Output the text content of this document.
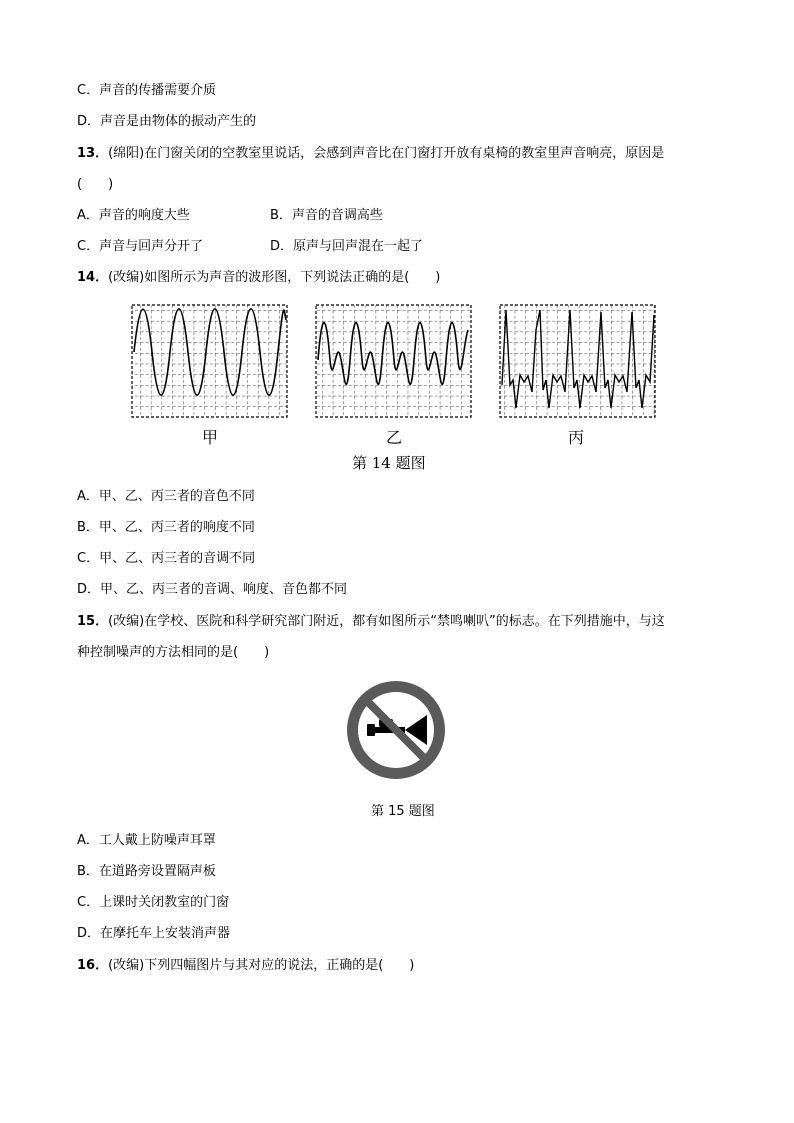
C．声音的传播需要介质
D．声音是由物体的振动产生的
13．(绵阳)在门窗关闭的空教室里说话，会感到声音比在门窗打开放有桌椅的教室里声音响亮，原因是
(　　)
A．声音的响度大些	B．声音的音调高些
C．声音与回声分开了	D．原声与回声混在一起了
14．(改编)如图所示为声音的波形图，下列说法正确的是(　　)
甲	乙	丙
第 14 题图
A．甲、乙、丙三者的音色不同
B．甲、乙、丙三者的响度不同
C．甲、乙、丙三者的音调不同
D．甲、乙、丙三者的音调、响度、音色都不同
15．(改编)在学校、医院和科学研究部门附近，都有如图所示“禁鸣喇叭”的标志。在下列措施中，与这
种控制噪声的方法相同的是(　　)
第 15 题图
A．工人戴上防噪声耳罩
B．在道路旁设置隔声板
C．上课时关闭教室的门窗
D．在摩托车上安装消声器
16．(改编)下列四幅图片与其对应的说法，正确的是(　　)
